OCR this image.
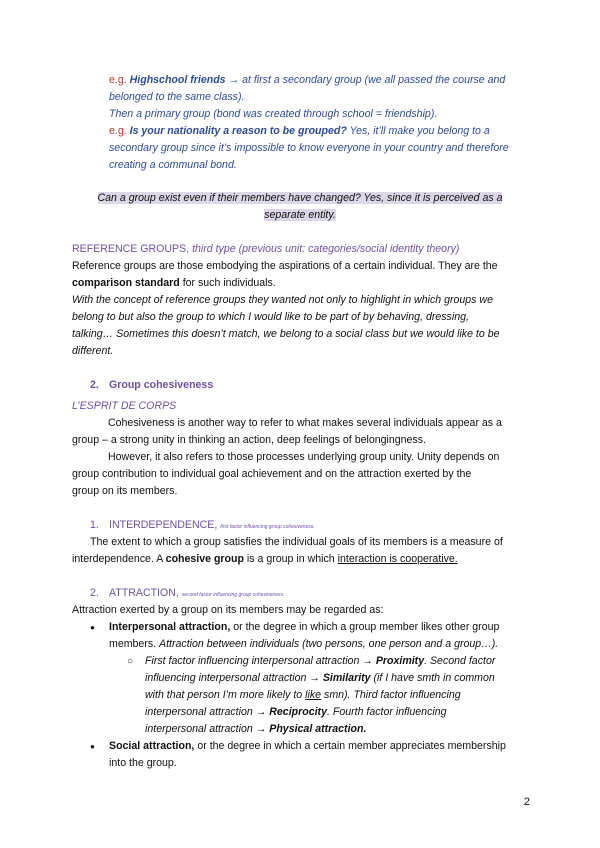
e.g. Highschool friends → at first a secondary group (we all passed the course and
belonged to the same class).
Then a primary group (bond was created through school = friendship).
e.g. Is your nationality a reason to be grouped? Yes, it’ll make you belong to a
secondary group since it’s impossible to know everyone in your country and therefore
creating a communal bond.
Can a group exist even if their members have changed? Yes, since it is perceived as a
separate entity.
REFERENCE GROUPS, third type (previous unit: categories/social identity theory)
Reference groups are those embodying the aspirations of a certain individual. They are the
comparison standard for such individuals.
With the concept of reference groups they wanted not only to highlight in which groups we
belong to but also the group to which I would like to be part of by behaving, dressing,
talking… Sometimes this doesn’t match, we belong to a social class but we would like to be
different.
2. Group cohesiveness
L’ESPRIT DE CORPS
Cohesiveness is another way to refer to what makes several individuals appear as a
group – a strong unity in thinking an action, deep feelings of belongingness.
However, it also refers to those processes underlying group unity. Unity depends on
group contribution to individual goal achievement and on the attraction exerted by the
group on its members.
1. INTERDEPENDENCE, first factor influencing group cohesiveness.
The extent to which a group satisfies the individual goals of its members is a measure of
interdependence. A cohesive group is a group in which interaction is cooperative.
2. ATTRACTION, second factor influencing group cohesiveness.
Attraction exerted by a group on its members may be regarded as:
● Interpersonal attraction, or the degree in which a group member likes other group
members. Attraction between individuals (two persons, one person and a group…).
○ First factor influencing interpersonal attraction → Proximity. Second factor
influencing interpersonal attraction → Similarity (if I have smth in common
with that person I’m more likely to like smn). Third factor influencing
interpersonal attraction → Reciprocity. Fourth factor influencing
interpersonal attraction → Physical attraction.
● Social attraction, or the degree in which a certain member appreciates membership
into the group.
2
